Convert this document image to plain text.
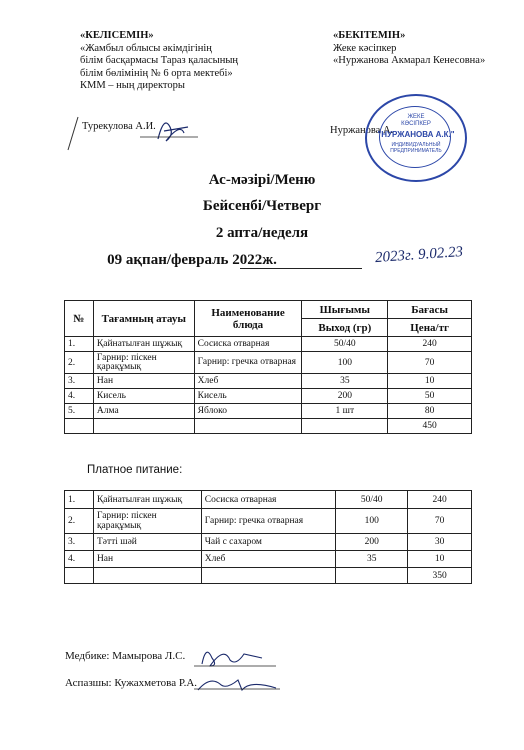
«КЕЛІСЕМІН»
«Жамбыл облысы әкімдігінің
білім басқармасы Тараз қаласының
білім бөлімінің № 6 орта мектебі»
КММ – ның директоры
Турекулова А.И.
«БЕКІТЕМІН»
Жеке кәсіпкер
«Нуржанова Акмарал Кенесовна»
Нуржанова А.
ЖЕКЕ
КӘСІПКЕР
"НУРЖАНОВА А.К."
ИНДИВИДУАЛЬНЫЙ
ПРЕДПРИНИМАТЕЛЬ
Ас-мәзірі/Меню
Бейсенбі/Четверг
2 апта/неделя
09 ақпан/февраль 2022ж.	2023г. 9.02.23
№	Тағамның атауы	Наименование блюда	Шығымы	Бағасы
			Выход (гр)	Цена/тг
1.	Қайнатылған шұжық	Сосиска отварная	50/40	240
2.	Гарнир: піскен қарақұмық	Гарнир: гречка отварная	100	70
3.	Нан	Хлеб	35	10
4.	Кисель	Кисель	200	50
5.	Алма	Яблоко	1 шт	80
				450
Платное питание:
1.	Қайнатылған шұжық	Сосиска отварная	50/40	240
2.	Гарнир: піскен қарақұмық	Гарнир: гречка отварная	100	70
3.	Тәтті шәй	Чай с сахаром	200	30
4.	Нан	Хлеб	35	10
				350
Медбике: Мамырова Л.С.
Аспазшы: Кужахметова Р.А.
